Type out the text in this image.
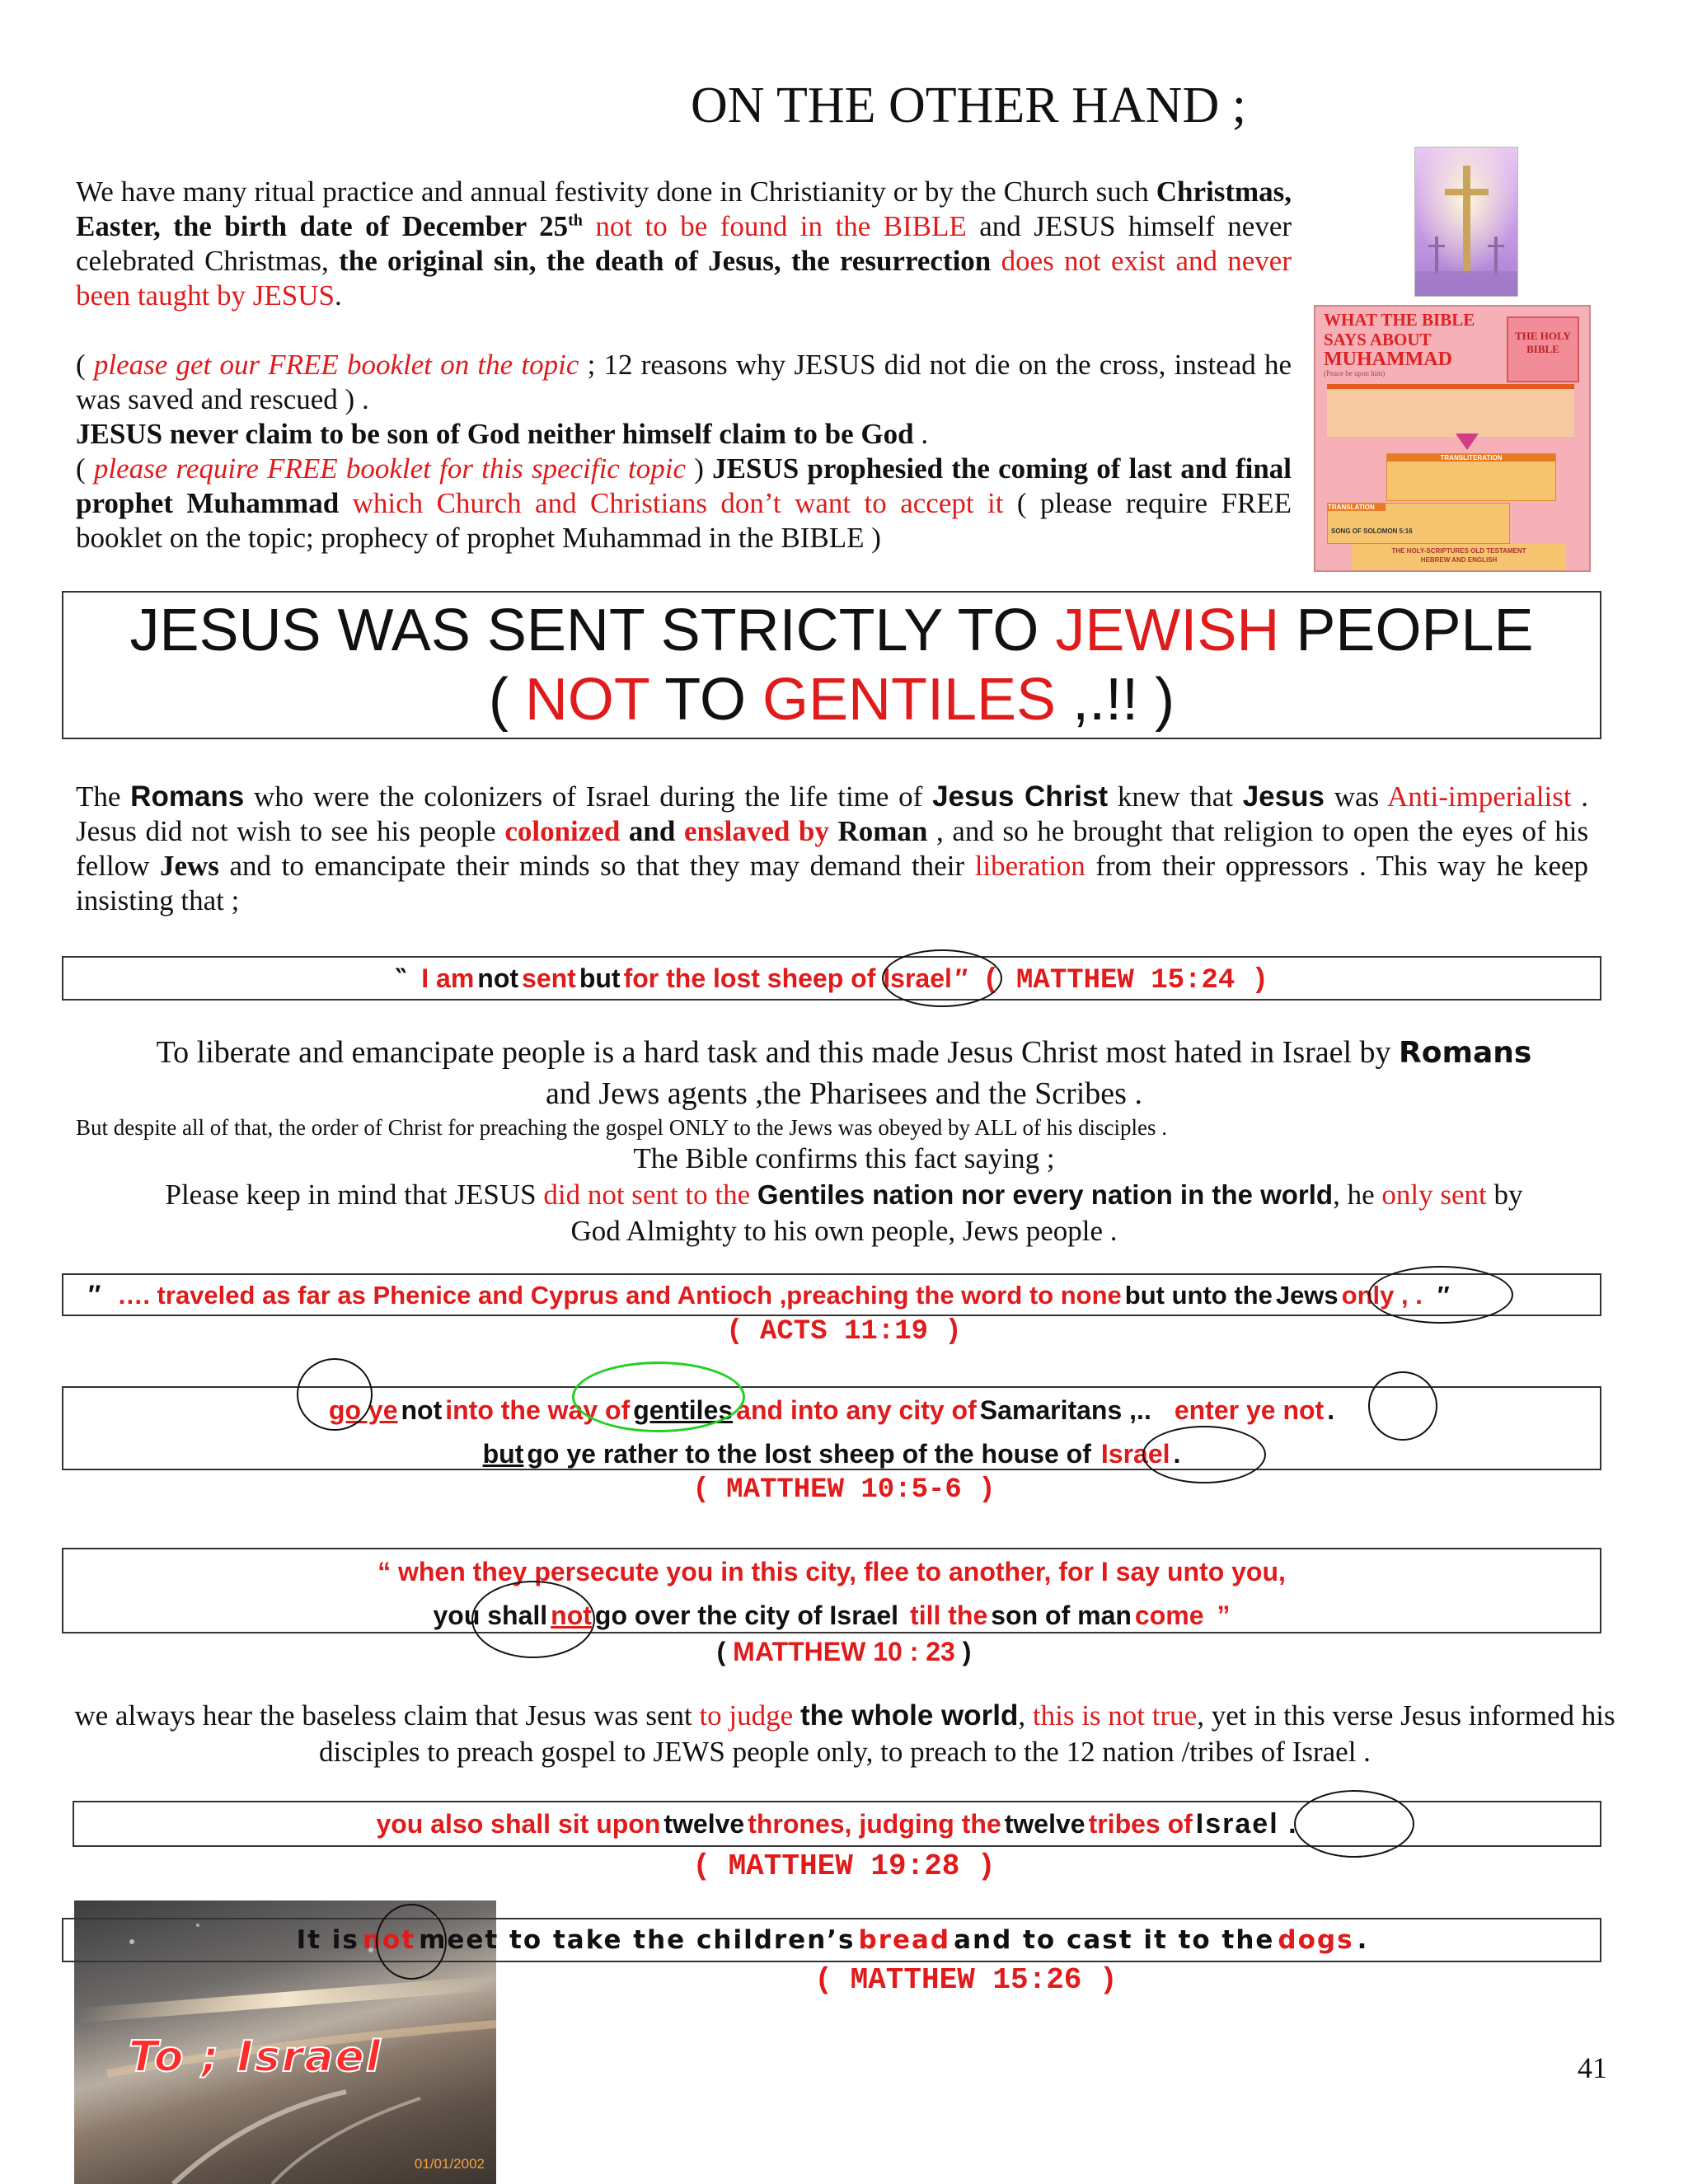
ON THE OTHER HAND ;
WHAT THE BIBLE
SAYS ABOUT
MUHAMMAD
(Peace be upon him)
THE HOLY BIBLE
TRANSLITERATION
TRANSLATION
SONG OF SOLOMON 5:16
THE HOLY-SCRIPTURES OLD TESTAMENT
HEBREW AND ENGLISH
We have many ritual practice and annual festivity done in Christianity or by the Church such Christmas, Easter, the birth date of December 25th not to be found in the BIBLE and JESUS himself never celebrated Christmas, the original sin, the death of Jesus, the resurrection does not exist and never been taught by JESUS.
( please get our FREE booklet on the topic ; 12 reasons why JESUS did not die on the cross, instead he was saved and rescued ) .
JESUS never claim to be son of God neither himself claim to be God .
( please require FREE booklet for this specific topic ) JESUS prophesied the coming of last and final prophet Muhammad which Church and Christians don’t want to accept it ( please require FREE booklet on the topic; prophecy of prophet Muhammad in the BIBLE )
JESUS WAS SENT STRICTLY TO JEWISH PEOPLE
( NOT TO GENTILES ,.!! )
The Romans who were the colonizers of Israel during the life time of Jesus Christ knew that Jesus was Anti-imperialist . Jesus did not wish to see his people colonized and enslaved by Roman , and so he brought that religion to open the eyes of his fellow Jews and to emancipate their minds so that they may demand their liberation from their oppressors . This way he keep insisting that ;
‶ I am not sent but for the lost sheep of Israel ″ ( MATTHEW 15:24 )
To liberate and emancipate people is a hard task and this made Jesus Christ most hated in Israel by Romans
and Jews agents ,the Pharisees and the Scribes .
But despite all of that, the order of Christ for preaching the gospel ONLY to the Jews was obeyed by ALL of his disciples .
The Bible confirms this fact saying ;
Please keep in mind that JESUS did not sent to the Gentiles nation nor every nation in the world, he only sent by
God Almighty to his own people, Jews people .
″ …. traveled as far as Phenice and Cyprus and Antioch ,preaching the word to none but unto the Jews only , . ″
( ACTS 11:19 )
go ye not into the way of gentiles and into any city of Samaritans ,.. enter ye not .
but go ye rather to the lost sheep of the house of Israel .
( MATTHEW 10:5-6 )
“ when they persecute you in this city, flee to another, for I say unto you,
you shall not go over the city of Israel till the son of man come ”
( MATTHEW 10 : 23 )
we always hear the baseless claim that Jesus was sent to judge the whole world, this is not true, yet in this verse Jesus informed his disciples to preach gospel to JEWS people only, to preach to the 12 nation /tribes of Israel .
you also shall sit upon twelve thrones, judging the twelve tribes of Israel .
( MATTHEW 19:28 )
To ; Israel
01/01/2002
It is not meet to take the children’s bread and to cast it to the dogs .
( MATTHEW 15:26 )
41
